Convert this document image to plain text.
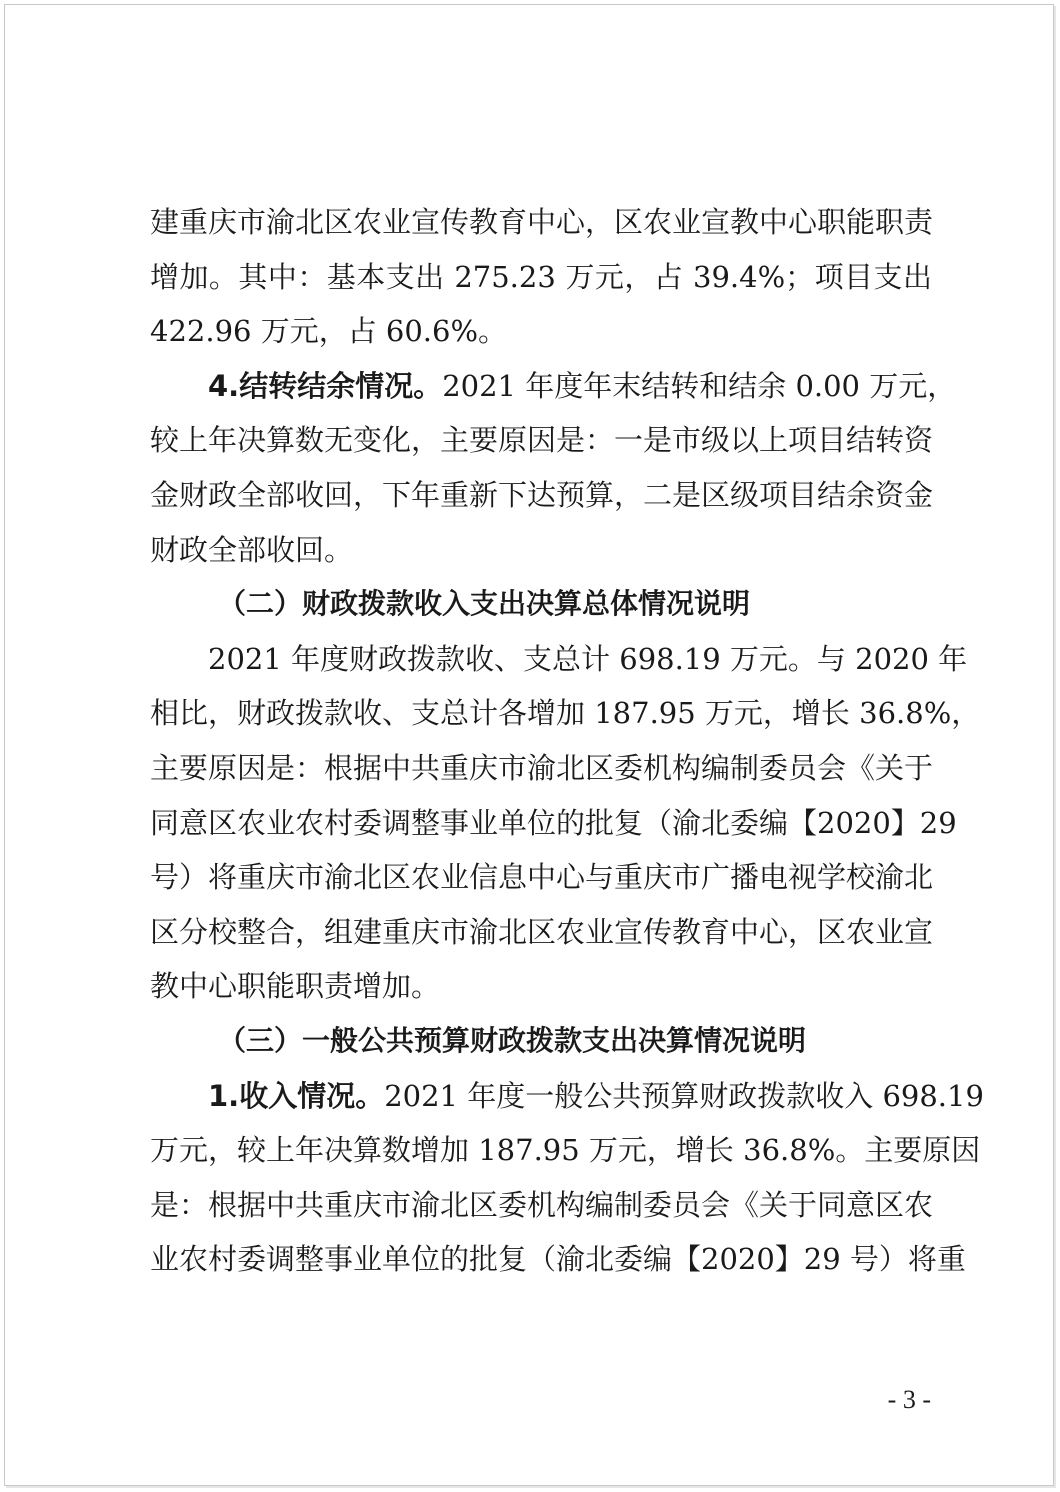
建重庆市渝北区农业宣传教育中心，区农业宣教中心职能职责
增加。其中：基本支出 275.23 万元，占 39.4%；项目支出
422.96 万元，占 60.6%。
4.结转结余情况。2021 年度年末结转和结余 0.00 万元，
较上年决算数无变化，主要原因是：一是市级以上项目结转资
金财政全部收回，下年重新下达预算，二是区级项目结余资金
财政全部收回。
（二）财政拨款收入支出决算总体情况说明
2021 年度财政拨款收、支总计 698.19 万元。与 2020 年
相比，财政拨款收、支总计各增加 187.95 万元，增长 36.8%，
主要原因是：根据中共重庆市渝北区委机构编制委员会《关于
同意区农业农村委调整事业单位的批复（渝北委编【2020】29
号）将重庆市渝北区农业信息中心与重庆市广播电视学校渝北
区分校整合，组建重庆市渝北区农业宣传教育中心，区农业宣
教中心职能职责增加。
（三）一般公共预算财政拨款支出决算情况说明
1.收入情况。2021 年度一般公共预算财政拨款收入 698.19
万元，较上年决算数增加 187.95 万元，增长 36.8%。主要原因
是：根据中共重庆市渝北区委机构编制委员会《关于同意区农
业农村委调整事业单位的批复（渝北委编【2020】29 号）将重
- 3 -
